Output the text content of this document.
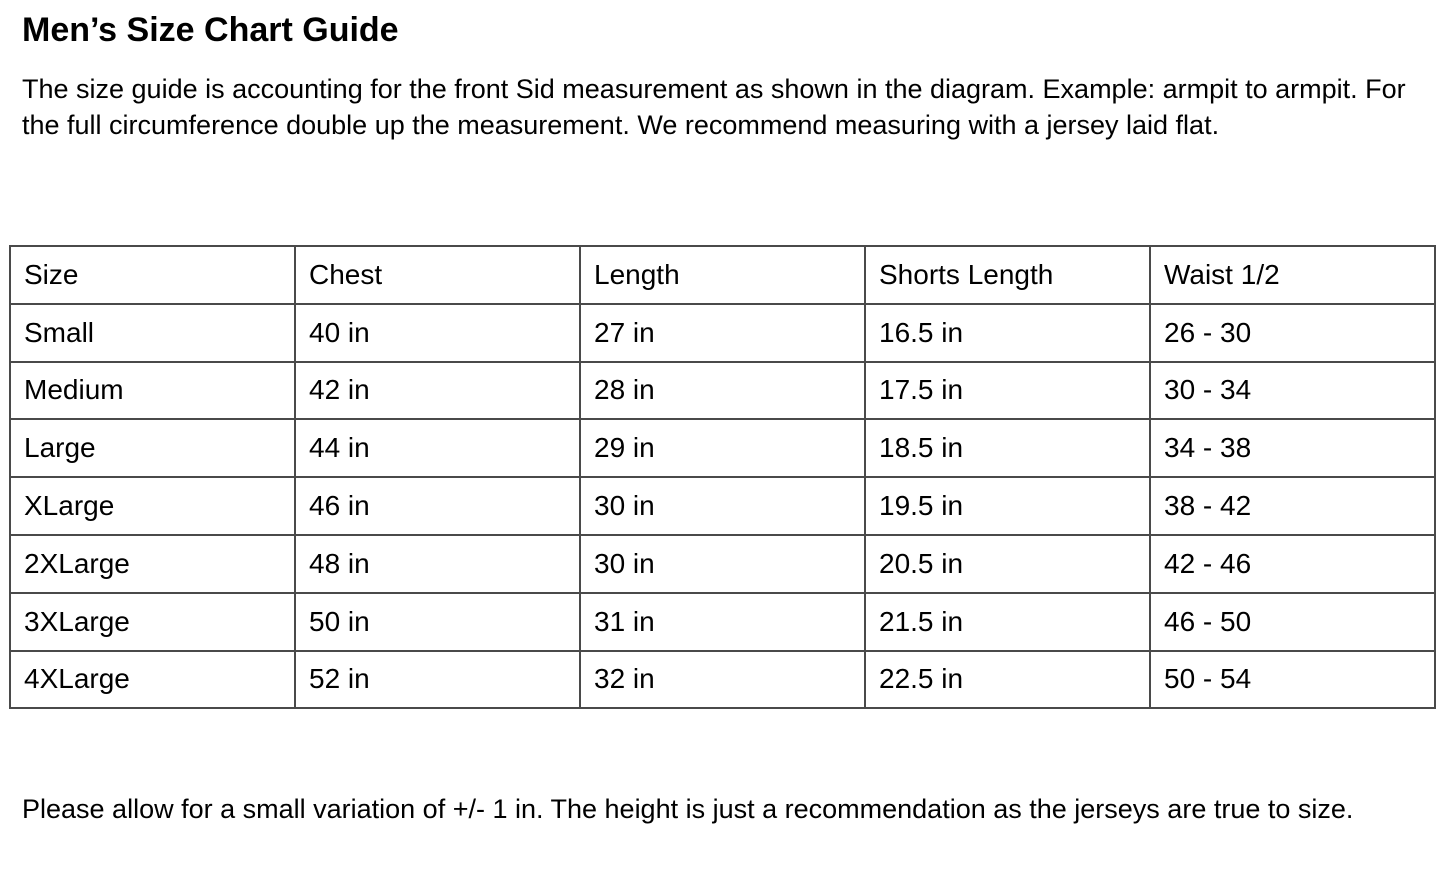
Men’s Size Chart Guide

The size guide is accounting for the front Sid measurement as shown in the diagram. Example: armpit to armpit. For the full circumference double up the measurement. We recommend measuring with a jersey laid flat.

Size	Chest	Length	Shorts Length	Waist 1/2
Small	40 in	27 in	16.5 in	26 - 30
Medium	42 in	28 in	17.5 in	30 - 34
Large	44 in	29 in	18.5 in	34 - 38
XLarge	46 in	30 in	19.5 in	38 - 42
2XLarge	48 in	30 in	20.5 in	42 - 46
3XLarge	50 in	31 in	21.5 in	46 - 50
4XLarge	52 in	32 in	22.5 in	50 - 54

Please allow for a small variation of +/- 1 in. The height is just a recommendation as the jerseys are true to size.
